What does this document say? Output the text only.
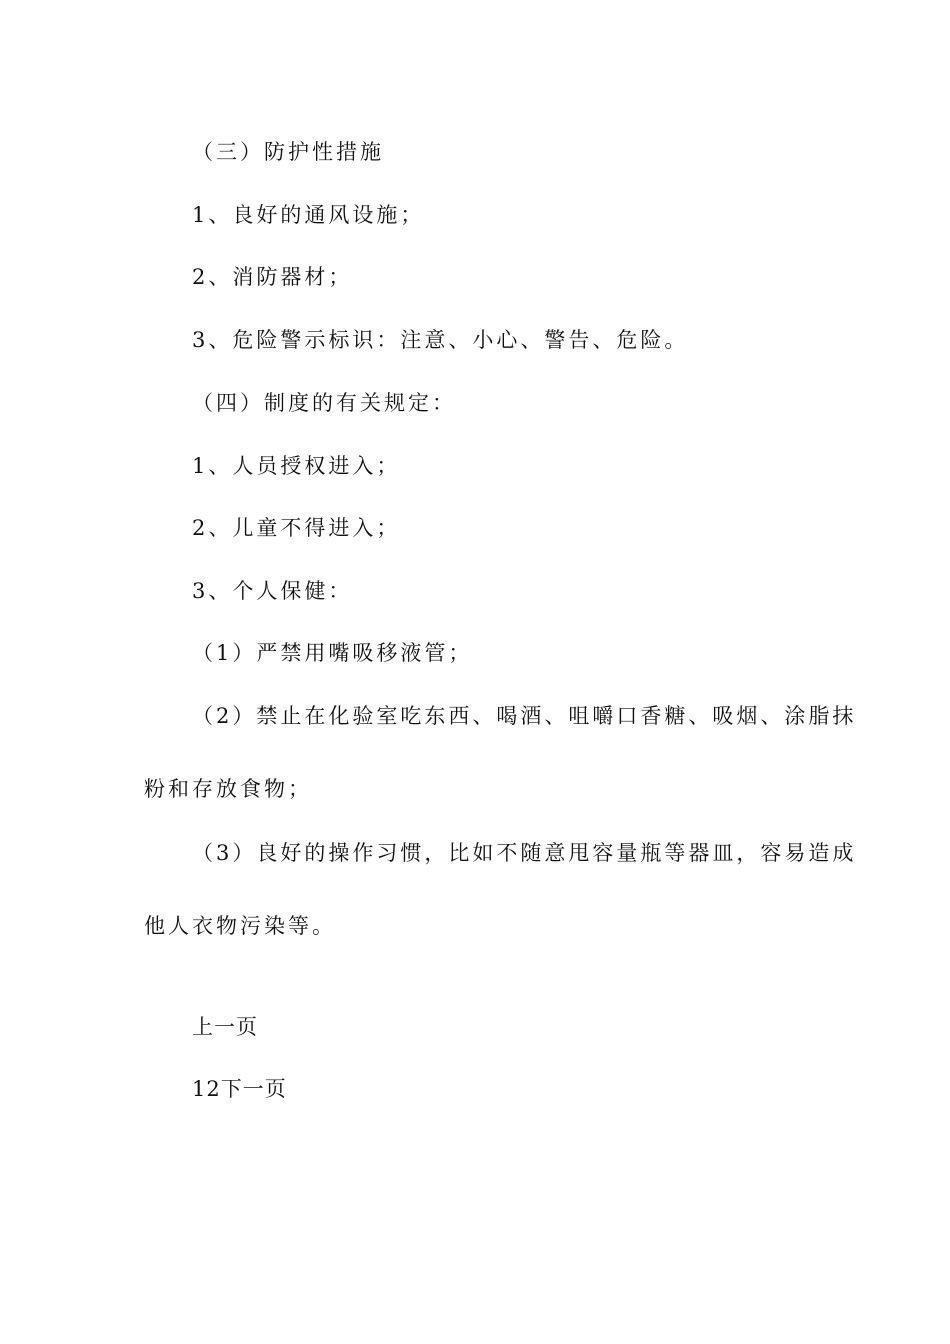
（三）防护性措施

1、良好的通风设施；

2、消防器材；

3、危险警示标识：注意、小心、警告、危险。

（四）制度的有关规定：

1、人员授权进入；

2、儿童不得进入；

3、个人保健：

（1）严禁用嘴吸移液管；

（2）禁止在化验室吃东西、喝酒、咀嚼口香糖、吸烟、涂脂抹

粉和存放食物；

（3）良好的操作习惯，比如不随意甩容量瓶等器皿，容易造成

他人衣物污染等。

上一页
12下一页
